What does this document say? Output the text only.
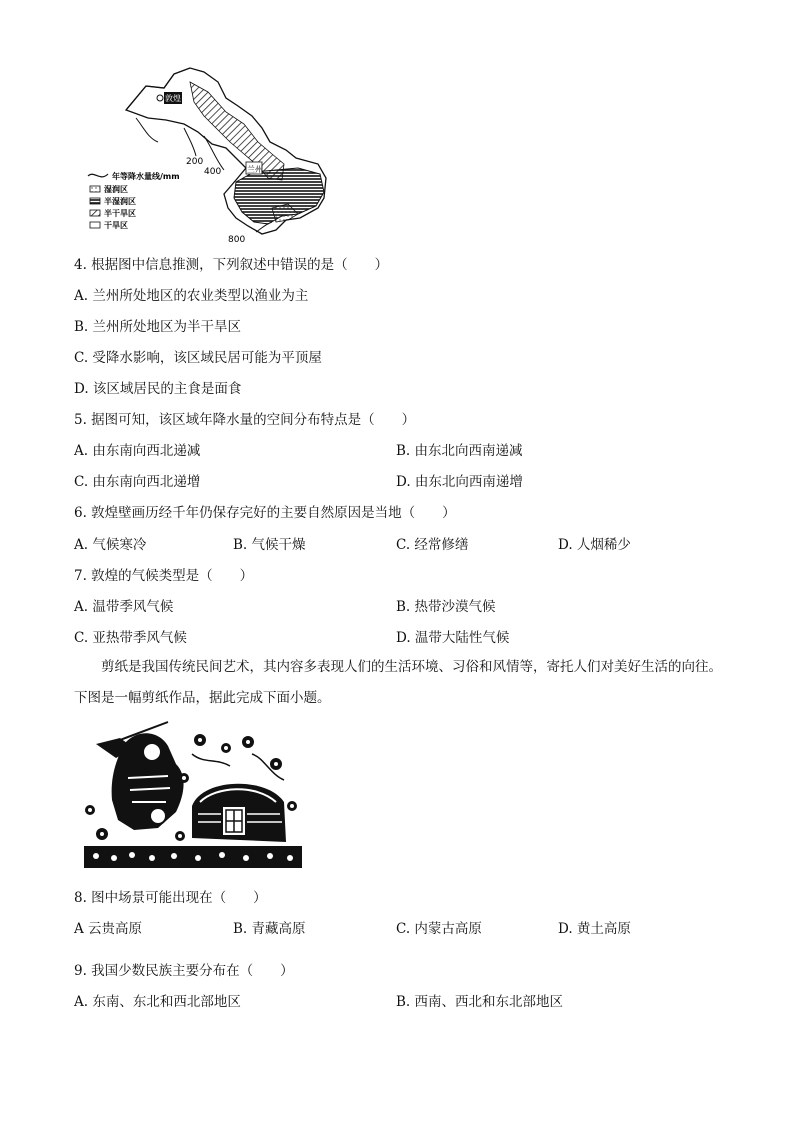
兰州
敦煌
200
400
800
年等降水量线/mm
湿润区
半湿润区
半干旱区
干旱区
4. 根据图中信息推测，下列叙述中错误的是（　　）
A. 兰州所处地区的农业类型以渔业为主
B. 兰州所处地区为半干旱区
C. 受降水影响，该区域民居可能为平顶屋
D. 该区域居民的主食是面食
5. 据图可知，该区域年降水量的空间分布特点是（　　）
A. 由东南向西北递减	B. 由东北向西南递减
C. 由东南向西北递增	D. 由东北向西南递增
6. 敦煌壁画历经千年仍保存完好的主要自然原因是当地（　　）
A. 气候寒冷	B. 气候干燥	C. 经常修缮	D. 人烟稀少
7. 敦煌的气候类型是（　　）
A. 温带季风气候	B. 热带沙漠气候
C. 亚热带季风气候	D. 温带大陆性气候
剪纸是我国传统民间艺术，其内容多表现人们的生活环境、习俗和风情等，寄托人们对美好生活的向往。下图是一幅剪纸作品，据此完成下面小题。
8. 图中场景可能出现在（　　）
A 云贵高原	B. 青藏高原	C. 内蒙古高原	D. 黄土高原
9. 我国少数民族主要分布在（　　）
A. 东南、东北和西北部地区	B. 西南、西北和东北部地区
